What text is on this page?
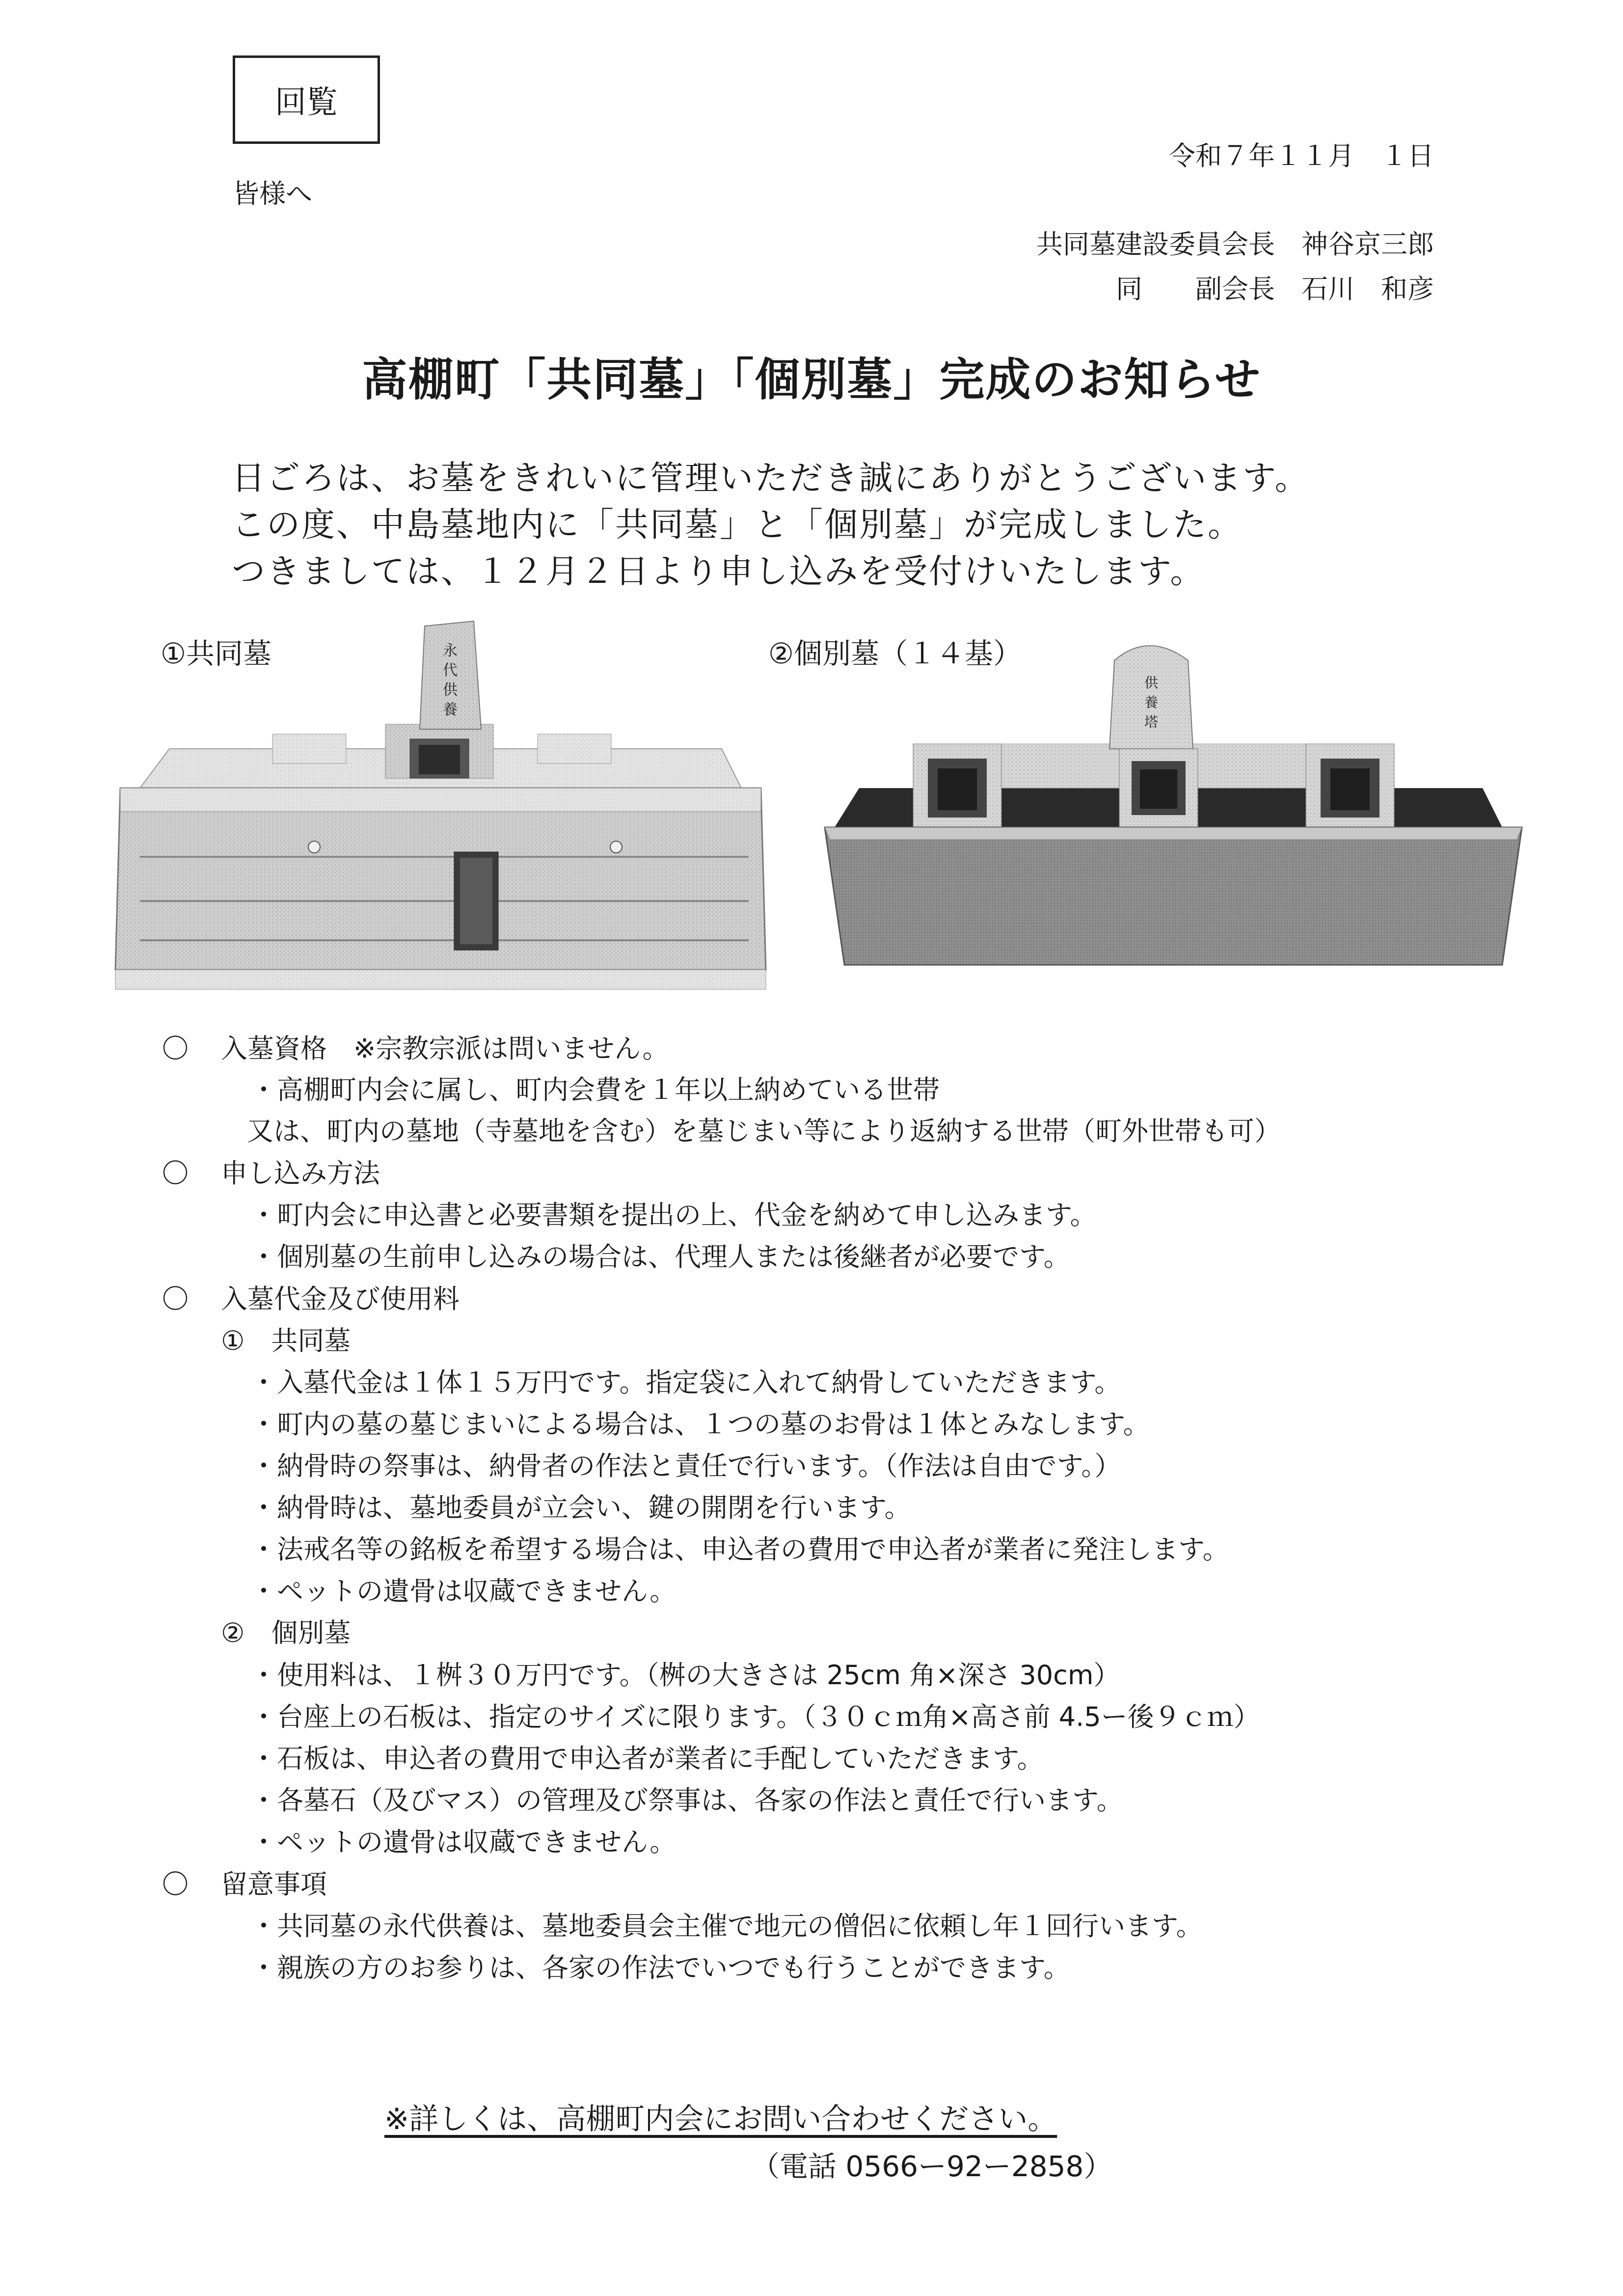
回覧
令和７年１１月　１日
皆様へ
共同墓建設委員会長　神谷京三郎
同　　副会長　石川　和彦
高棚町「共同墓」「個別墓」完成のお知らせ
日ごろは、お墓をきれいに管理いただき誠にありがとうございます。
この度、中島墓地内に「共同墓」と「個別墓」が完成しました。
つきましては、１２月２日より申し込みを受付けいたします。
①共同墓	②個別墓（１４基）
永
代
供
養
供
養
塔
〇 入墓資格　※宗教宗派は問いません。
・高棚町内会に属し、町内会費を１年以上納めている世帯
又は、町内の墓地（寺墓地を含む）を墓じまい等により返納する世帯（町外世帯も可）
〇 申し込み方法
・町内会に申込書と必要書類を提出の上、代金を納めて申し込みます。
・個別墓の生前申し込みの場合は、代理人または後継者が必要です。
〇 入墓代金及び使用料
①　共同墓
・入墓代金は１体１５万円です。指定袋に入れて納骨していただきます。
・町内の墓の墓じまいによる場合は、１つの墓のお骨は１体とみなします。
・納骨時の祭事は、納骨者の作法と責任で行います。（作法は自由です。）
・納骨時は、墓地委員が立会い、鍵の開閉を行います。
・法戒名等の銘板を希望する場合は、申込者の費用で申込者が業者に発注します。
・ペットの遺骨は収蔵できません。
②　個別墓
・使用料は、１桝３０万円です。（桝の大きさは 25cm 角×深さ 30cm）
・台座上の石板は、指定のサイズに限ります。（３０ｃｍ角×高さ前 4.5ー後９ｃｍ）
・石板は、申込者の費用で申込者が業者に手配していただきます。
・各墓石（及びマス）の管理及び祭事は、各家の作法と責任で行います。
・ペットの遺骨は収蔵できません。
〇 留意事項
・共同墓の永代供養は、墓地委員会主催で地元の僧侶に依頼し年１回行います。
・親族の方のお参りは、各家の作法でいつでも行うことができます。
※詳しくは、高棚町内会にお問い合わせください。
（電話 0566ー92ー2858）
